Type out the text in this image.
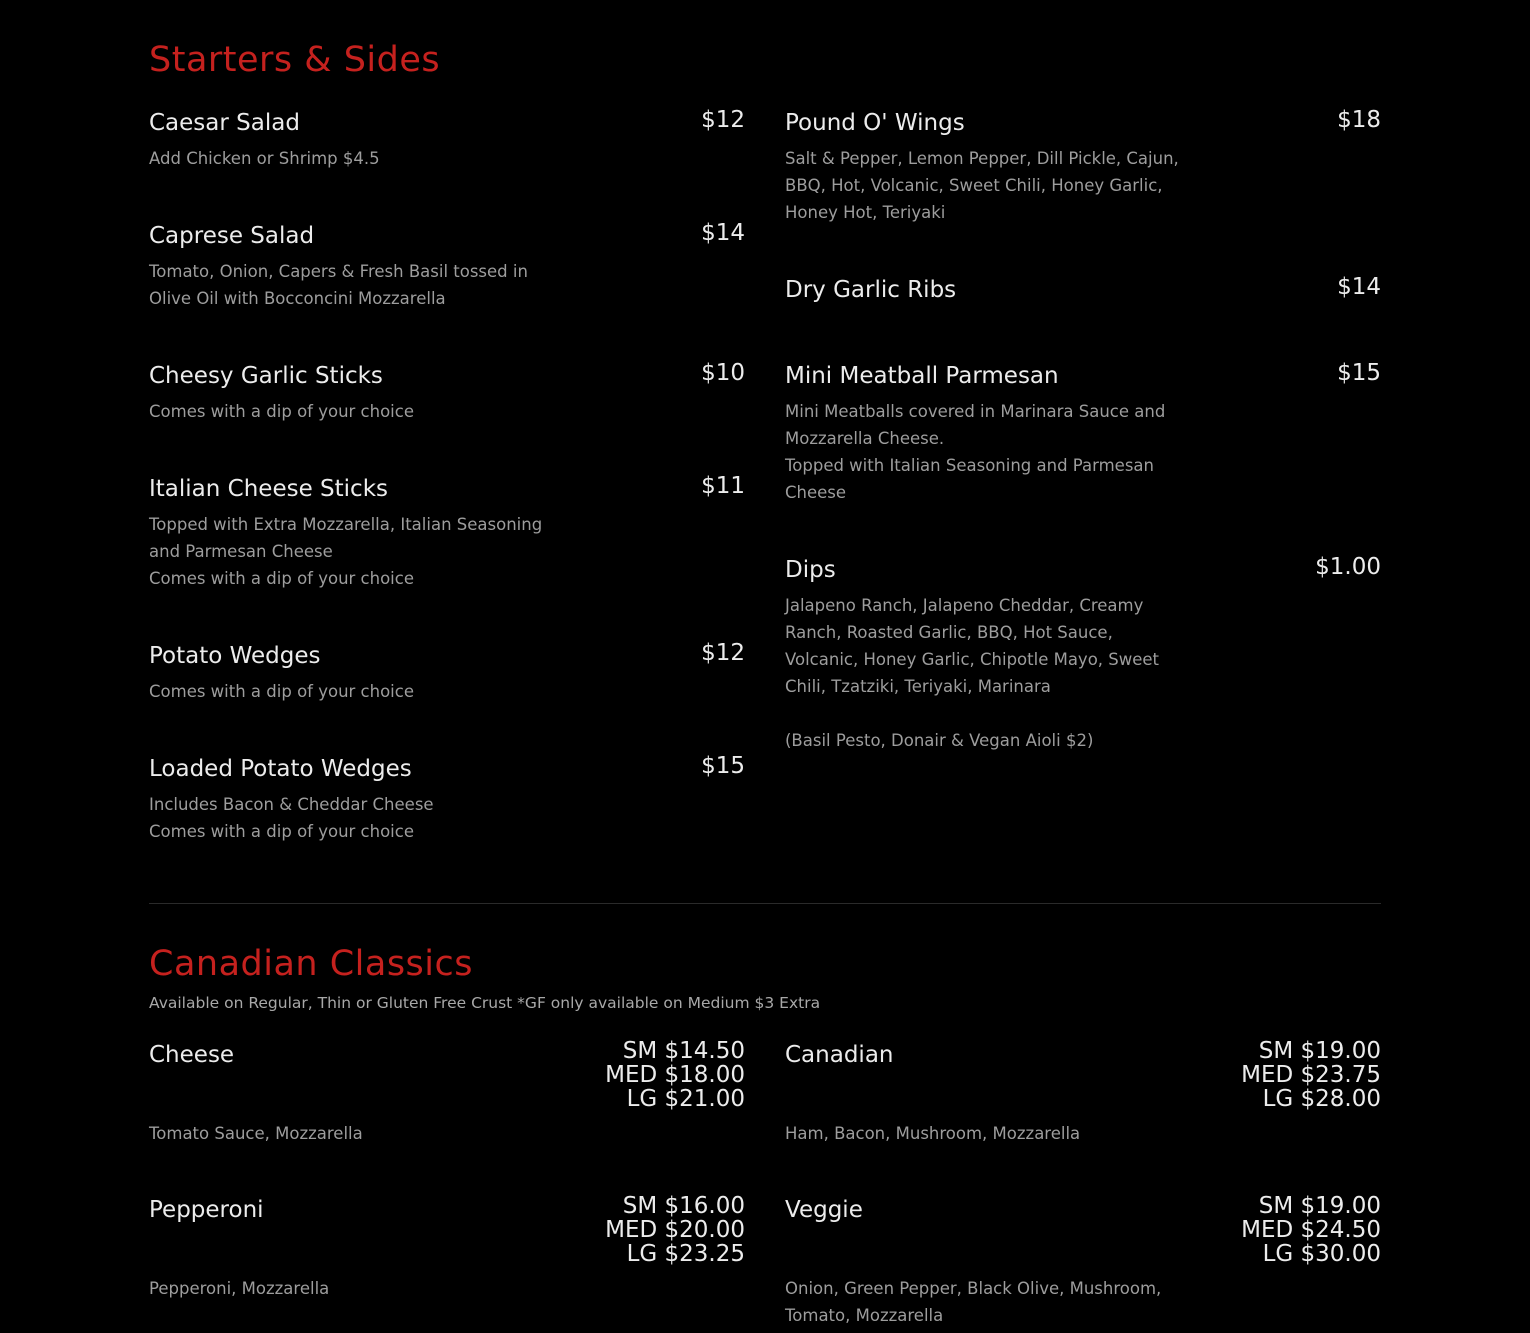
Starters & Sides
Caesar Salad	$12
Add Chicken or Shrimp $4.5
Caprese Salad	$14
Tomato, Onion, Capers & Fresh Basil tossed in
Olive Oil with Bocconcini Mozzarella
Cheesy Garlic Sticks	$10
Comes with a dip of your choice
Italian Cheese Sticks	$11
Topped with Extra Mozzarella, Italian Seasoning
and Parmesan Cheese
Comes with a dip of your choice
Potato Wedges	$12
Comes with a dip of your choice
Loaded Potato Wedges	$15
Includes Bacon & Cheddar Cheese
Comes with a dip of your choice
Pound O' Wings	$18
Salt & Pepper, Lemon Pepper, Dill Pickle, Cajun,
BBQ, Hot, Volcanic, Sweet Chili, Honey Garlic,
Honey Hot, Teriyaki
Dry Garlic Ribs	$14
Mini Meatball Parmesan	$15
Mini Meatballs covered in Marinara Sauce and
Mozzarella Cheese.
Topped with Italian Seasoning and Parmesan
Cheese
Dips	$1.00
Jalapeno Ranch, Jalapeno Cheddar, Creamy
Ranch, Roasted Garlic, BBQ, Hot Sauce,
Volcanic, Honey Garlic, Chipotle Mayo, Sweet
Chili, Tzatziki, Teriyaki, Marinara
(Basil Pesto, Donair & Vegan Aioli $2)
Canadian Classics
Available on Regular, Thin or Gluten Free Crust *GF only available on Medium $3 Extra
Cheese	SM $14.50
MED $18.00
LG $21.00
Tomato Sauce, Mozzarella
Canadian	SM $19.00
MED $23.75
LG $28.00
Ham, Bacon, Mushroom, Mozzarella
Pepperoni	SM $16.00
MED $20.00
LG $23.25
Pepperoni, Mozzarella
Veggie	SM $19.00
MED $24.50
LG $30.00
Onion, Green Pepper, Black Olive, Mushroom,
Tomato, Mozzarella
